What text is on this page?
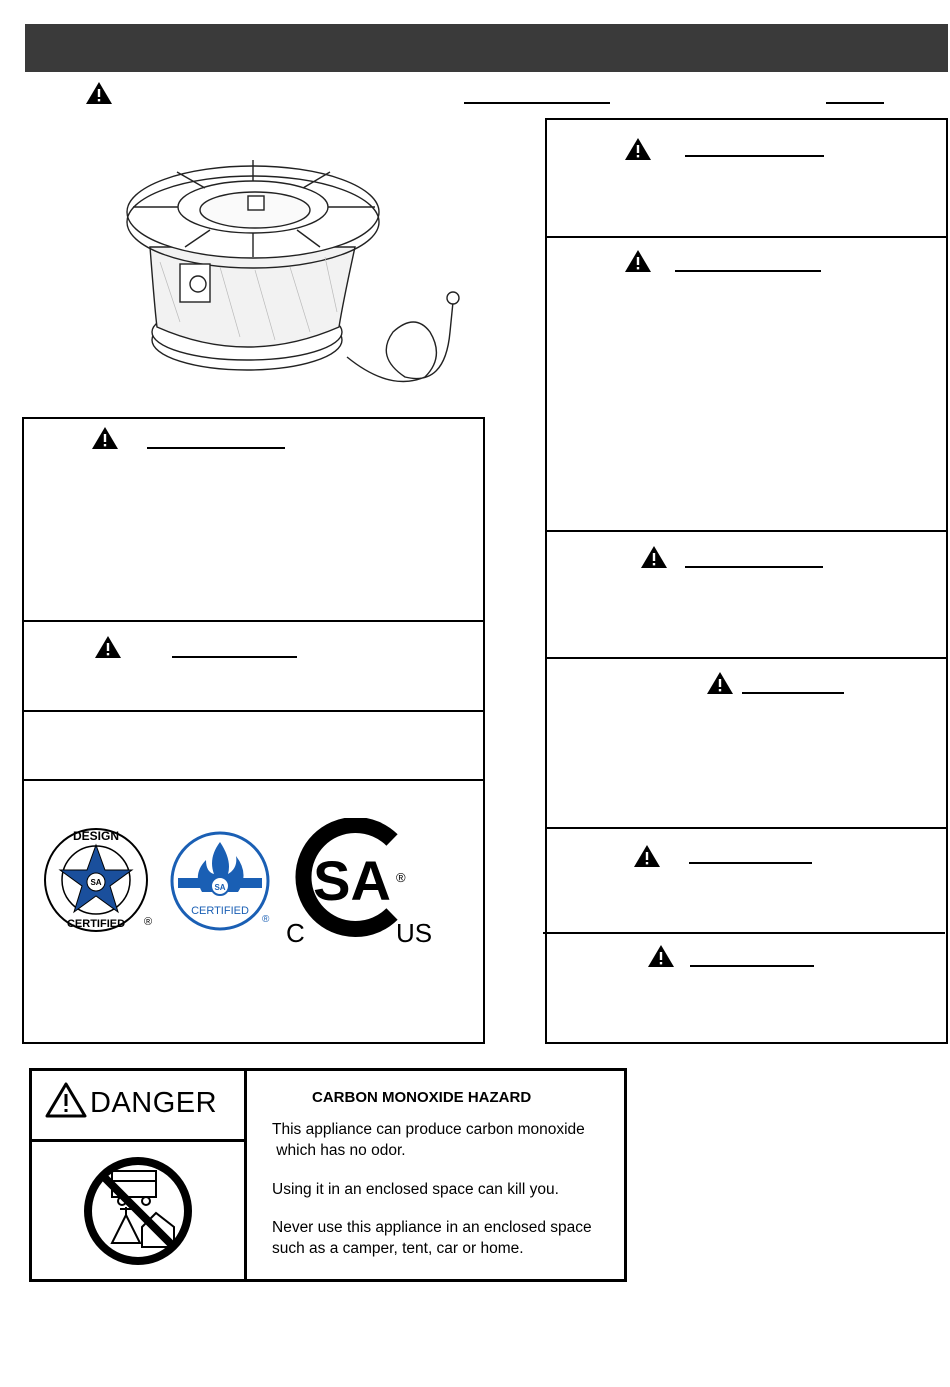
SA
DESIGN
CERTIFIED ®
SA
CERTIFIED
®
SA ®
C	US
DANGER	CARBON MONOXIDE HAZARD
This appliance can produce carbon monoxide
which has no odor.
Using it in an enclosed space can kill you.
Never use this appliance in an enclosed space
such as a camper, tent, car or home.
